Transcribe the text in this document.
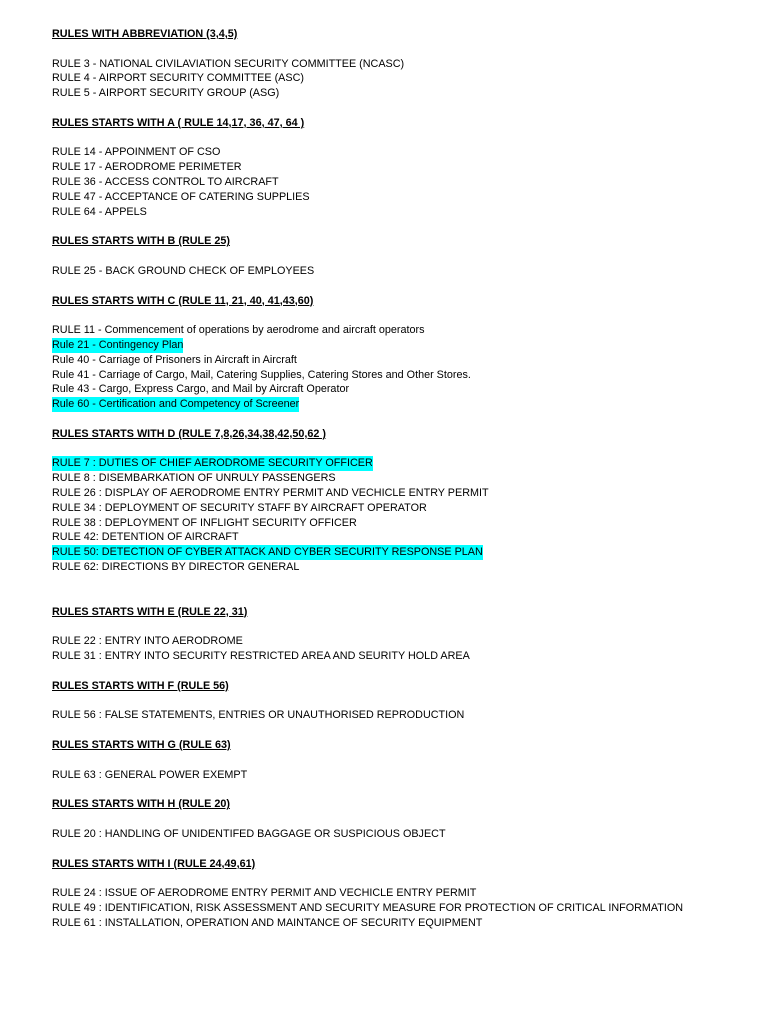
RULES WITH ABBREVIATION (3,4,5)
RULE 3 - NATIONAL CIVILAVIATION SECURITY COMMITTEE (NCASC)
RULE 4 - AIRPORT SECURITY COMMITTEE (ASC)
RULE 5 - AIRPORT SECURITY GROUP (ASG)
RULES STARTS WITH A ( RULE 14,17, 36, 47, 64 )
RULE 14 - APPOINMENT OF CSO
RULE 17 - AERODROME PERIMETER
RULE 36 - ACCESS CONTROL TO AIRCRAFT
RULE 47 - ACCEPTANCE OF CATERING SUPPLIES
RULE 64 - APPELS
RULES STARTS WITH B (RULE 25)
RULE 25 - BACK GROUND CHECK OF EMPLOYEES
RULES STARTS WITH C (RULE 11, 21, 40, 41,43,60)
RULE 11 - Commencement of operations by aerodrome and aircraft operators
Rule 21 - Contingency Plan
Rule 40 - Carriage of Prisoners in Aircraft in Aircraft
Rule 41 - Carriage of Cargo, Mail, Catering Supplies, Catering Stores and Other Stores.
Rule 43 - Cargo, Express Cargo, and Mail by Aircraft Operator
Rule 60 - Certification and Competency of Screener
RULES STARTS WITH D (RULE 7,8,26,34,38,42,50,62 )
RULE 7 : DUTIES OF CHIEF AERODROME SECURITY OFFICER
RULE 8 : DISEMBARKATION OF UNRULY PASSENGERS
RULE 26 : DISPLAY OF AERODROME ENTRY PERMIT AND VECHICLE ENTRY PERMIT
RULE 34 : DEPLOYMENT OF SECURITY STAFF BY AIRCRAFT OPERATOR
RULE 38 : DEPLOYMENT OF INFLIGHT SECURITY OFFICER
RULE 42: DETENTION OF AIRCRAFT
RULE 50: DETECTION OF CYBER ATTACK AND CYBER SECURITY RESPONSE PLAN
RULE 62: DIRECTIONS BY DIRECTOR GENERAL
RULES STARTS WITH E (RULE 22, 31)
RULE 22 : ENTRY INTO AERODROME
RULE 31 : ENTRY INTO SECURITY RESTRICTED AREA AND SEURITY HOLD AREA
RULES STARTS WITH F (RULE 56)
RULE 56 : FALSE STATEMENTS, ENTRIES OR UNAUTHORISED REPRODUCTION
RULES STARTS WITH G (RULE 63)
RULE 63 : GENERAL POWER EXEMPT
RULES STARTS WITH H (RULE 20)
RULE 20 : HANDLING OF UNIDENTIFED BAGGAGE OR SUSPICIOUS OBJECT
RULES STARTS WITH I (RULE 24,49,61)
RULE 24 : ISSUE OF AERODROME ENTRY PERMIT AND VECHICLE ENTRY PERMIT
RULE 49 : IDENTIFICATION, RISK ASSESSMENT AND SECURITY MEASURE FOR PROTECTION OF CRITICAL INFORMATION
RULE 61 : INSTALLATION, OPERATION AND MAINTANCE OF SECURITY EQUIPMENT
